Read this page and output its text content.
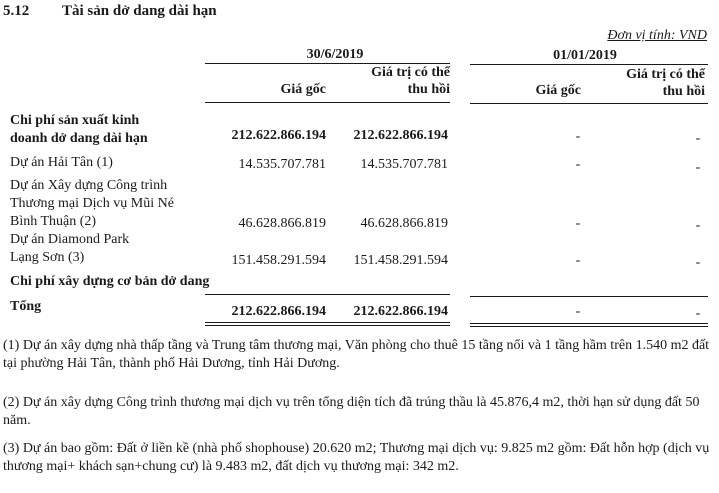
5.12 Tài sản dở dang dài hạn
Đơn vị tính: VND
30/6/2019	01/01/2019
Giá gốc
Giá trị có thể
thu hồi	Giá gốc
Giá trị có thể
thu hồi
Chi phí sản xuất kinh
doanh dở dang dài hạn	212.622.866.194 212.622.866.194	-	-
Dự án Hải Tân (1)	14.535.707.781 14.535.707.781	-	-
Dự án Xây dựng Công trình
Thương mại Dịch vụ Mũi Né
Bình Thuận (2)	46.628.866.819 46.628.866.819	-	-
Dự án Diamond Park
Lạng Sơn (3)	151.458.291.594 151.458.291.594	-	-
Chi phí xây dựng cơ bản dở dang
Tổng	212.622.866.194 212.622.866.194	-	-
(1) Dự án xây dựng nhà thấp tầng và Trung tâm thương mại, Văn phòng cho thuê 15 tầng nổi và 1 tầng hầm trên 1.540 m2 đất tại phường Hải Tân, thành phố Hải Dương, tỉnh Hải Dương.
(2) Dự án xây dựng Công trình thương mại dịch vụ trên tổng diện tích đã trúng thầu là 45.876,4 m2, thời hạn sử dụng đất 50 năm.
(3) Dự án bao gồm: Đất ở liền kề (nhà phố shophouse) 20.620 m2; Thương mại dịch vụ: 9.825 m2 gồm: Đất hỗn hợp (dịch vụ thương mại+ khách sạn+chung cư) là 9.483 m2, đất dịch vụ thương mại: 342 m2.
